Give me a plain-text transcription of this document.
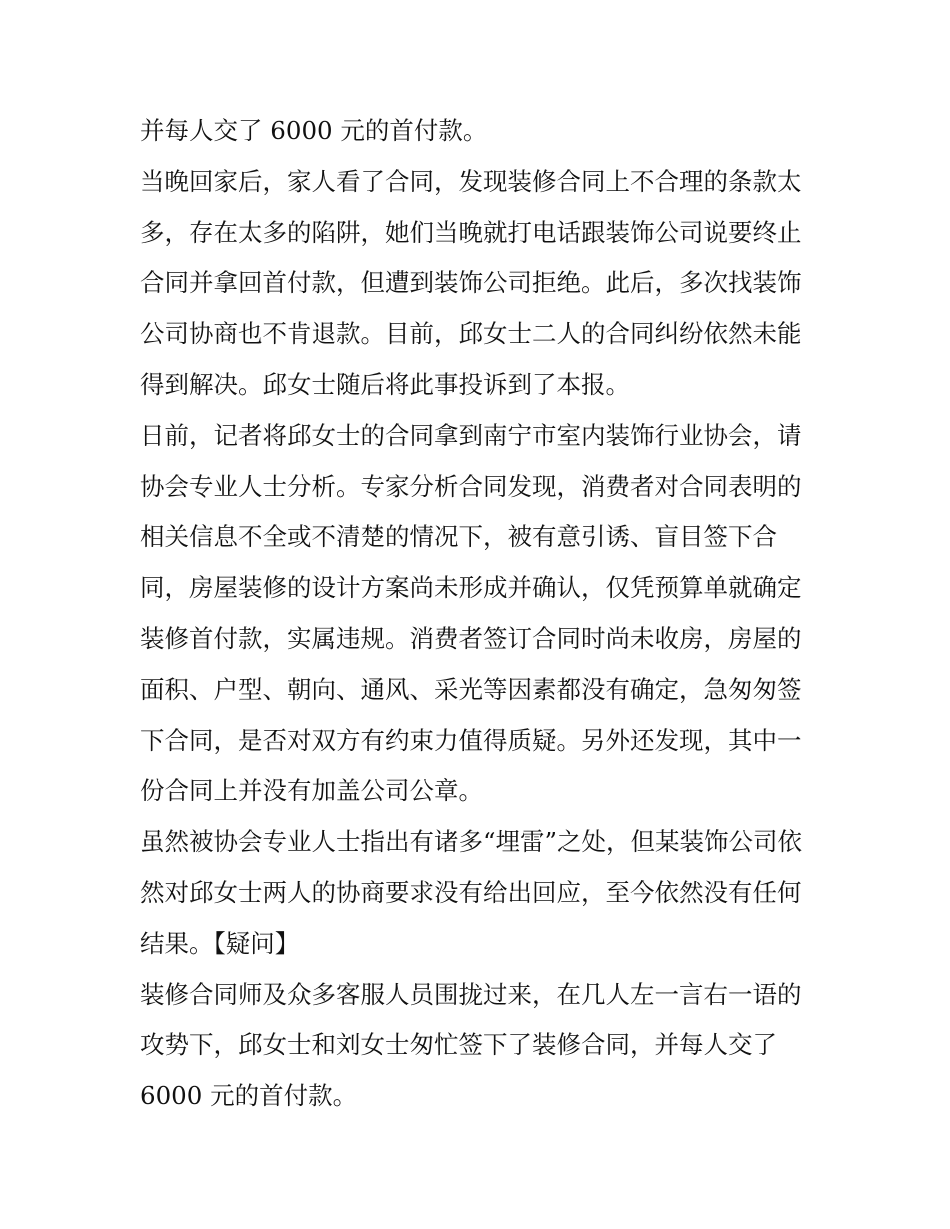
并每人交了 6000 元的首付款。
当晚回家后，家人看了合同，发现装修合同上不合理的条款太
多，存在太多的陷阱，她们当晚就打电话跟装饰公司说要终止
合同并拿回首付款，但遭到装饰公司拒绝。此后，多次找装饰
公司协商也不肯退款。目前，邱女士二人的合同纠纷依然未能
得到解决。邱女士随后将此事投诉到了本报。
日前，记者将邱女士的合同拿到南宁市室内装饰行业协会，请
协会专业人士分析。专家分析合同发现，消费者对合同表明的
相关信息不全或不清楚的情况下，被有意引诱、盲目签下合
同，房屋装修的设计方案尚未形成并确认，仅凭预算单就确定
装修首付款，实属违规。消费者签订合同时尚未收房，房屋的
面积、户型、朝向、通风、采光等因素都没有确定，急匆匆签
下合同，是否对双方有约束力值得质疑。另外还发现，其中一
份合同上并没有加盖公司公章。
虽然被协会专业人士指出有诸多“埋雷”之处，但某装饰公司依
然对邱女士两人的协商要求没有给出回应，至今依然没有任何
结果。【疑问】
装修合同师及众多客服人员围拢过来，在几人左一言右一语的
攻势下，邱女士和刘女士匆忙签下了装修合同，并每人交了
6000 元的首付款。
